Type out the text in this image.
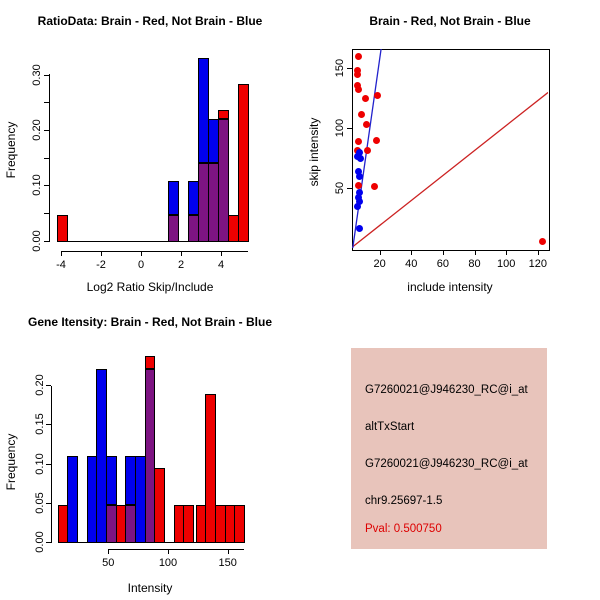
RatioData: Brain - Red, Not Brain - Blue	Brain - Red, Not Brain - Blue
Gene Itensity: Brain - Red, Not Brain - Blue
Log2 Ratio Skip/Include	include intensity
Intensity
Frequency	skip intensity
Frequency
G7260021@J946230_RC@i_at
altTxStart
G7260021@J946230_RC@i_at
chr9.25697-1.5
Pval: 0.500750
0.00
0.10
0.20
0.30
-4	-2	0	2	4	20	40	60	80	100	120
50
100
150
0.00
0.05
0.10
0.15
0.20
50	100	150
